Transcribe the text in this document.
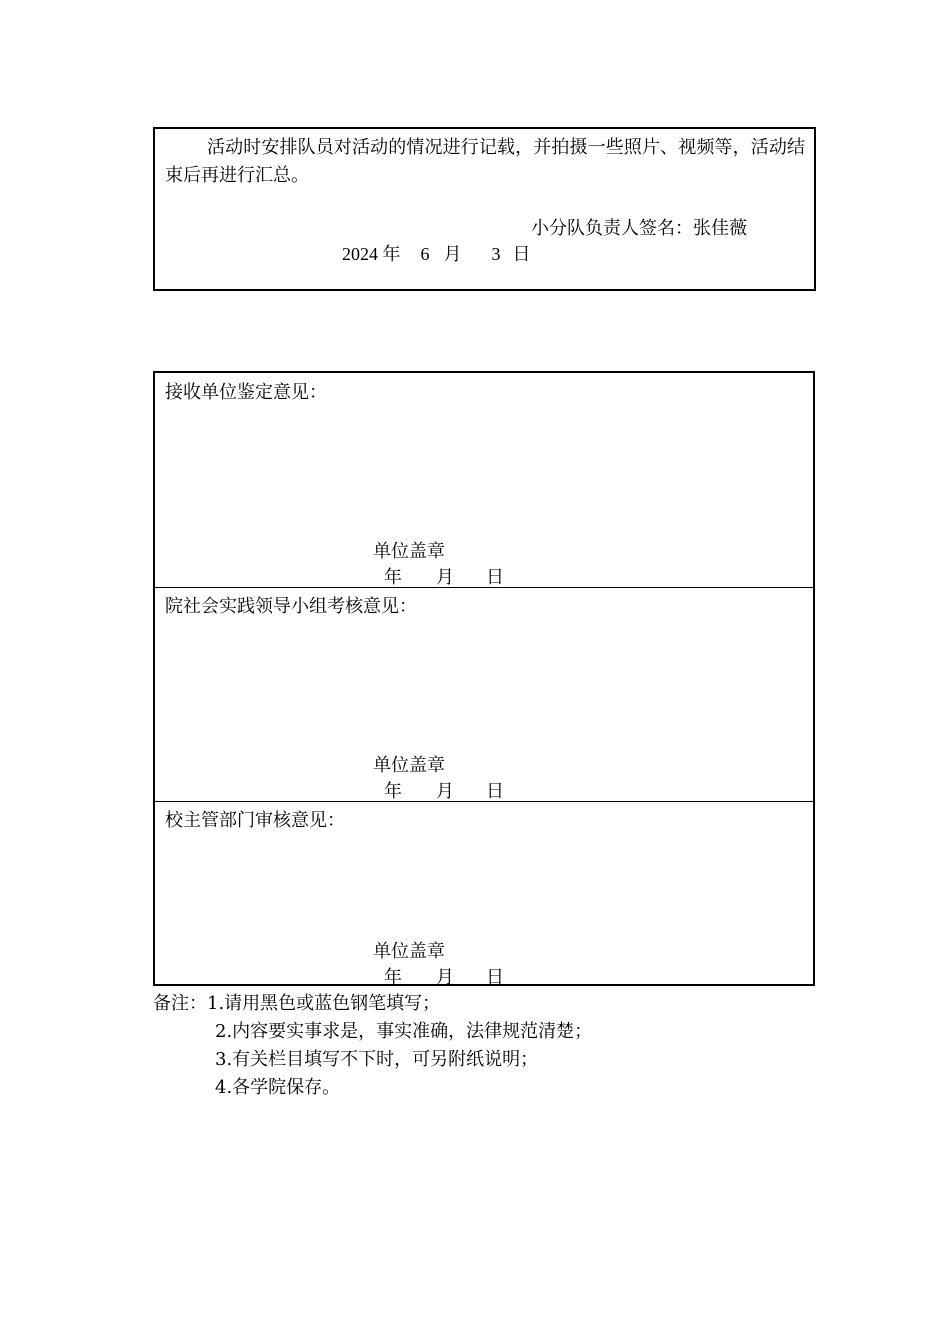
活动时安排队员对活动的情况进行记载，并拍摄一些照片、视频等，活动结束后再进行汇总。
小分队负责人签名：张佳薇
2024 年 6 月 3 日
接收单位鉴定意见：
单位盖章
年 月 日
院社会实践领导小组考核意见：
单位盖章
年 月 日
校主管部门审核意见：
单位盖章
年 月 日
备注：1.请用黑色或蓝色钢笔填写；
2.内容要实事求是，事实准确，法律规范清楚；
3.有关栏目填写不下时，可另附纸说明；
4.各学院保存。
